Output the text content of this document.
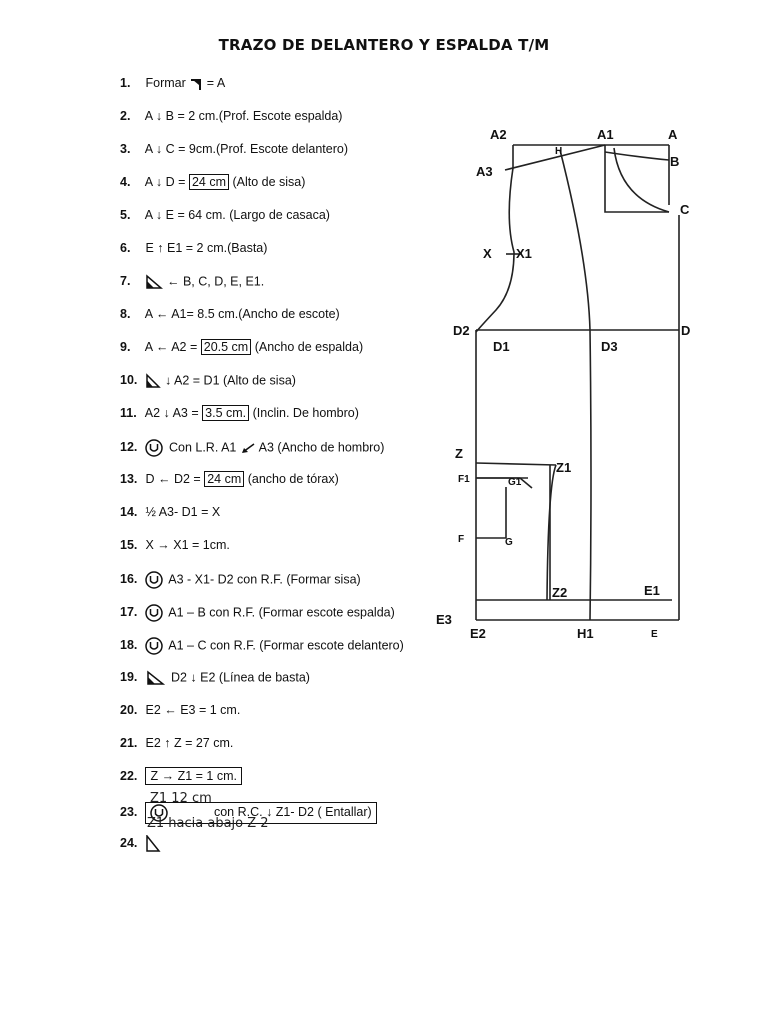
TRAZO DE DELANTERO Y ESPALDA T/M
1. Formar = A
2. A ↓ B = 2 cm.(Prof. Escote espalda)
3. A ↓ C = 9cm.(Prof. Escote delantero)
4. A ↓ D = 24 cm (Alto de sisa)
5. A ↓ E = 64 cm. (Largo de casaca)
6. E ↑ E1 = 2 cm.(Basta)
7.	← B, C, D, E, E1.
8. A ← A1= 8.5 cm.(Ancho de escote)
9. A ← A2 = 20.5 cm (Ancho de espalda)
10. ↓ A2 = D1 (Alto de sisa)
11. A2 ↓ A3 = 3.5 cm. (Inclin. De hombro)
12.	Con L.R. A1 A3 (Ancho de hombro)
13. D ← D2 = 24 cm (ancho de tórax)
14. ½ A3- D1 = X
15. X → X1 = 1cm.
16. A3 - X1- D2 con R.F. (Formar sisa)
17. A1 – B con R.F. (Formar escote espalda)
18. A1 – C con R.F. (Formar escote delantero)
19.	D2 ↓ E2 (Línea de basta)
20. E2 ← E3 = 1 cm.
21. E2 ↑ Z = 27 cm.
22. Z → Z1 = 1 cm.
23.	con R.C. ↓ Z1- D2 ( Entallar)
24.
Z1 12 cm
Z1 hacia abajo Z 2
A2	A1	A
A3
H
B
C
X X1
D2
D1	D3
D
Z
Z1
F1	G1
F	G
Z2	E1
E3
E2	H1	E
